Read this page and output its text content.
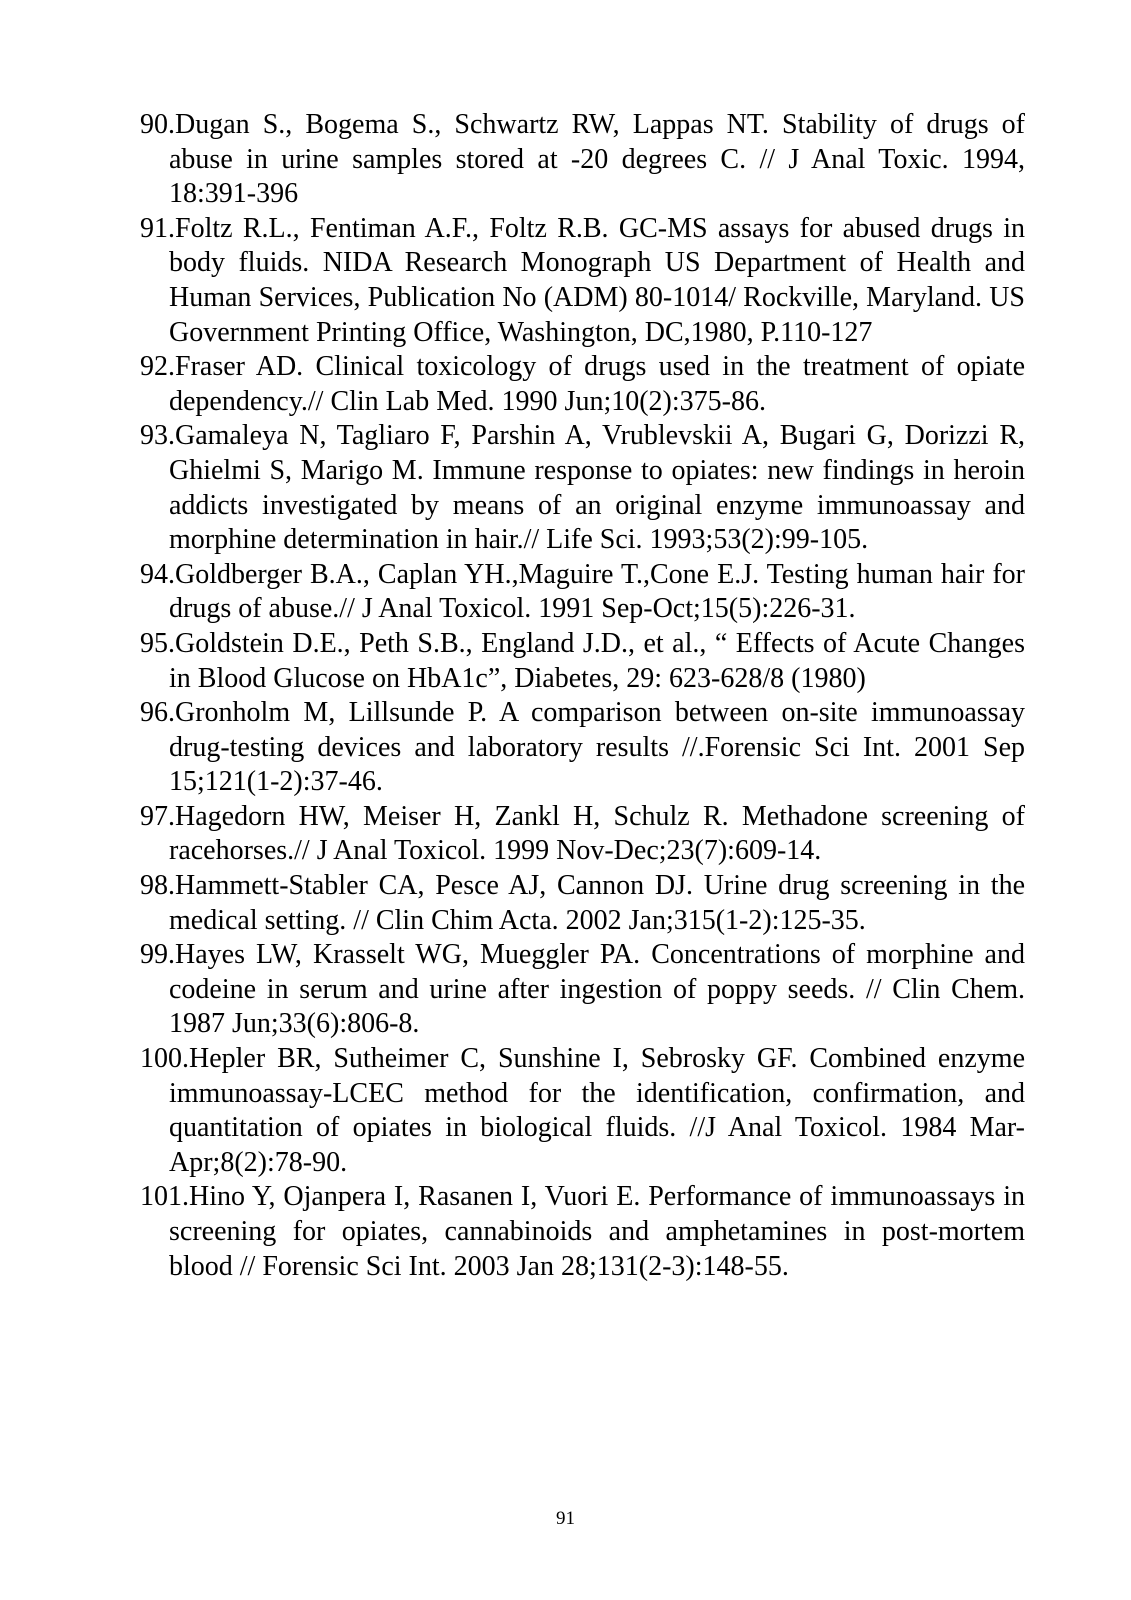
90.Dugan S., Bogema S., Schwartz RW, Lappas NT. Stability of drugs of abuse in urine samples stored at -20 degrees C. // J Anal Toxic. 1994, 18:391-396
91.Foltz R.L., Fentiman A.F., Foltz R.B. GC-MS assays for abused drugs in body fluids. NIDA Research Monograph US Department of Health and Human Services, Publication No (ADM) 80-1014/ Rockville, Maryland. US Government Printing Office, Washington, DC,1980, P.110-127
92.Fraser AD. Clinical toxicology of drugs used in the treatment of opiate dependency.// Clin Lab Med. 1990 Jun;10(2):375-86.
93.Gamaleya N, Tagliaro F, Parshin A, Vrublevskii A, Bugari G, Dorizzi R, Ghielmi S, Marigo M. Immune response to opiates: new findings in heroin addicts investigated by means of an original enzyme immunoassay and morphine determination in hair.// Life Sci. 1993;53(2):99-105.
94.Goldberger B.A., Caplan YH.,Maguire T.,Cone E.J. Testing human hair for drugs of abuse.// J Anal Toxicol. 1991 Sep-Oct;15(5):226-31.
95.Goldstein D.E., Peth S.B., England J.D., et al., “ Effects of Acute Changes in Blood Glucose on HbA1c”, Diabetes, 29: 623-628/8 (1980)
96.Gronholm M, Lillsunde P. A comparison between on-site immunoassay drug-testing devices and laboratory results //.Forensic Sci Int. 2001 Sep 15;121(1-2):37-46.
97.Hagedorn HW, Meiser H, Zankl H, Schulz R. Methadone screening of racehorses.// J Anal Toxicol. 1999 Nov-Dec;23(7):609-14.
98.Hammett-Stabler CA, Pesce AJ, Cannon DJ. Urine drug screening in the medical setting. // Clin Chim Acta. 2002 Jan;315(1-2):125-35.
99.Hayes LW, Krasselt WG, Mueggler PA. Concentrations of morphine and codeine in serum and urine after ingestion of poppy seeds. // Clin Chem. 1987 Jun;33(6):806-8.
100.Hepler BR, Sutheimer C, Sunshine I, Sebrosky GF. Combined enzyme immunoassay-LCEC method for the identification, confirmation, and quantitation of opiates in biological fluids. //J Anal Toxicol. 1984 Mar-Apr;8(2):78-90.
101.Hino Y, Ojanpera I, Rasanen I, Vuori E. Performance of immunoassays in screening for opiates, cannabinoids and amphetamines in post-mortem blood // Forensic Sci Int. 2003 Jan 28;131(2-3):148-55.
91
